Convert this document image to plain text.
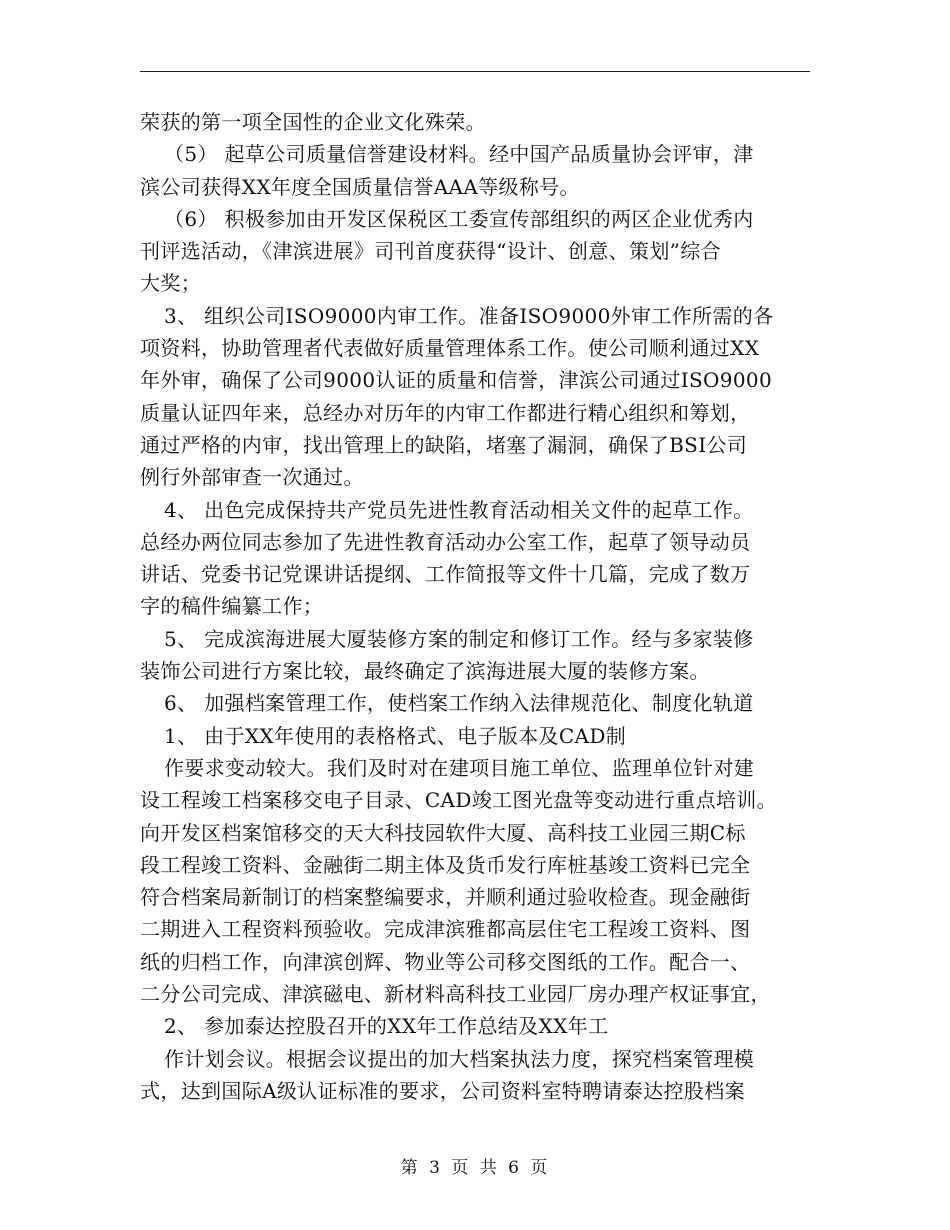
荣获的第一项全国性的企业文化殊荣。
（5） 起草公司质量信誉建设材料。经中国产品质量协会评审，津
滨公司获得XX年度全国质量信誉AAA等级称号。
（6） 积极参加由开发区保税区工委宣传部组织的两区企业优秀内
刊评选活动，《津滨进展》司刊首度获得“设计、创意、策划”综合
大奖；
3、 组织公司ISO9000内审工作。准备ISO9000外审工作所需的各
项资料，协助管理者代表做好质量管理体系工作。使公司顺利通过XX
年外审，确保了公司9000认证的质量和信誉，津滨公司通过ISO9000
质量认证四年来，总经办对历年的内审工作都进行精心组织和筹划，
通过严格的内审，找出管理上的缺陷，堵塞了漏洞，确保了BSI公司
例行外部审查一次通过。
4、 出色完成保持共产党员先进性教育活动相关文件的起草工作。
总经办两位同志参加了先进性教育活动办公室工作，起草了领导动员
讲话、党委书记党课讲话提纲、工作简报等文件十几篇，完成了数万
字的稿件编纂工作；
5、 完成滨海进展大厦装修方案的制定和修订工作。经与多家装修
装饰公司进行方案比较，最终确定了滨海进展大厦的装修方案。
6、 加强档案管理工作，使档案工作纳入法律规范化、制度化轨道
1、 由于XX年使用的表格格式、电子版本及CAD制
作要求变动较大。我们及时对在建项目施工单位、监理单位针对建
设工程竣工档案移交电子目录、CAD竣工图光盘等变动进行重点培训。
向开发区档案馆移交的天大科技园软件大厦、高科技工业园三期C标
段工程竣工资料、金融街二期主体及货币发行库桩基竣工资料已完全
符合档案局新制订的档案整编要求，并顺利通过验收检查。现金融街
二期进入工程资料预验收。完成津滨雅都高层住宅工程竣工资料、图
纸的归档工作，向津滨创辉、物业等公司移交图纸的工作。配合一、
二分公司完成、津滨磁电、新材料高科技工业园厂房办理产权证事宜，
2、 参加泰达控股召开的XX年工作总结及XX年工
作计划会议。根据会议提出的加大档案执法力度，探究档案管理模
式，达到国际A级认证标准的要求，公司资料室特聘请泰达控股档案
第 3 页 共 6 页
